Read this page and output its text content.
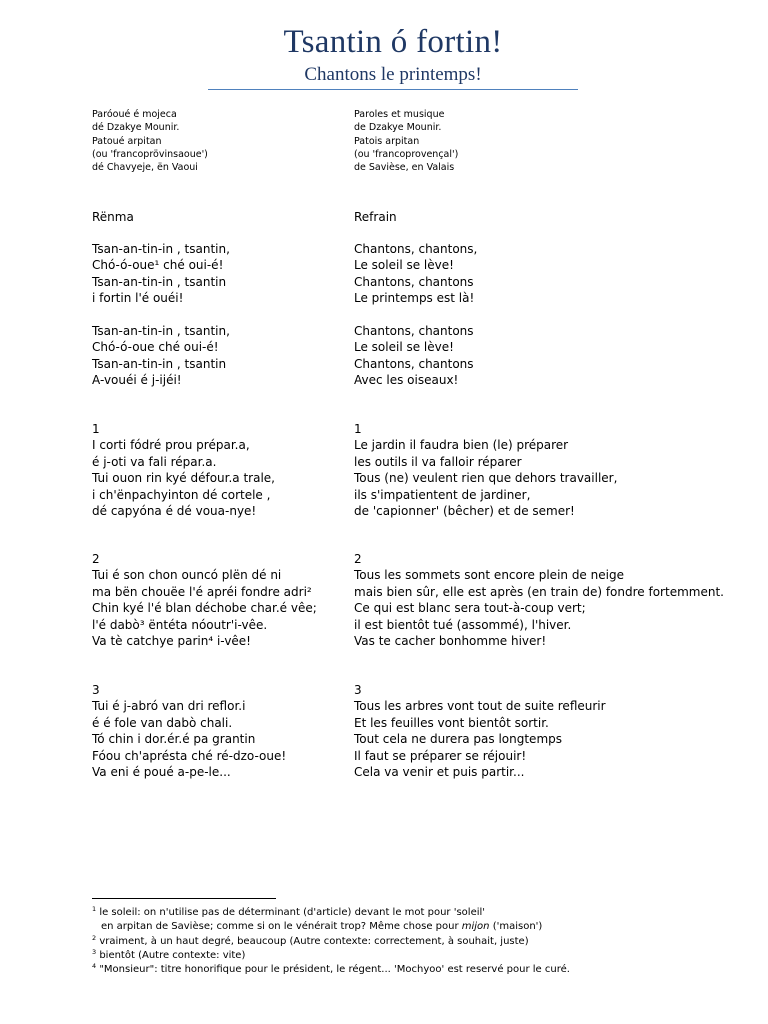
Tsantin ó fortin!
Chantons le printemps!
Paróoué é mojeca
dé Dzakye Mounir.
Patoué arpitan
(ou 'francoprövinsaoue')
dé Chavyeje, ën Vaoui
Rënma
Tsan-an-tin-in , tsantin,
Chó-ó-oue¹ ché oui-é!
Tsan-an-tin-in , tsantin
i fortin l'é ouéi!
Tsan-an-tin-in , tsantin,
Chó-ó-oue ché oui-é!
Tsan-an-tin-in , tsantin
A-vouéi é j-ijéi!
1
I corti fódré prou prépar.a,
é j-oti va fali répar.a.
Tui ouon rin kyé défour.a trale,
i ch'ënpachyinton dé cortele ,
dé capyóna é dé voua-nye!
2
Tui é son chon ouncó plën dé ni
ma bën chouëe l'é apréi fondre adri²
Chin kyé l'é blan déchobe char.é vêe;
l'é dabò³ ëntéta nóoutr'i-vêe.
Va tè catchye parin⁴ i-vêe!
3
Tui é j-abró van dri reflor.i
é é fole van dabò chali.
Tó chin i dor.ér.é pa grantin
Fóou ch'aprésta ché ré-dzo-oue!
Va eni é poué a-pe-le...
Paroles et musique
de Dzakye Mounir.
Patois arpitan
(ou 'francoprovençal')
de Savièse, en Valais
Refrain
Chantons, chantons,
Le soleil se lève!
Chantons, chantons
Le printemps est là!
Chantons, chantons
Le soleil se lève!
Chantons, chantons
Avec les oiseaux!
1
Le jardin il faudra bien (le) préparer
les outils il va falloir réparer
Tous (ne) veulent rien que dehors travailler,
ils s'impatientent de jardiner,
de 'capionner' (bêcher) et de semer!
2
Tous les sommets sont encore plein de neige
mais bien sûr, elle est après (en train de) fondre fortemment.
Ce qui est blanc sera tout-à-coup vert;
il est bientôt tué (assommé), l'hiver.
Vas te cacher bonhomme hiver!
3
Tous les arbres vont tout de suite refleurir
Et les feuilles vont bientôt sortir.
Tout cela ne durera pas longtemps
Il faut se préparer se réjouir!
Cela va venir et puis partir...
$^1$ le soleil: on n'utilise pas de déterminant (d'article) devant le mot pour 'soleil'
en arpitan de Savièse; comme si on le vénérait trop? Même chose pour mijon ('maison')
$^2$ vraiment, à un haut degré, beaucoup (Autre contexte: correctement, à souhait, juste)
$^3$ bientôt (Autre contexte: vite)
$^4$ "Monsieur": titre honorifique pour le président, le régent... 'Mochyoo' est reservé pour le curé.
